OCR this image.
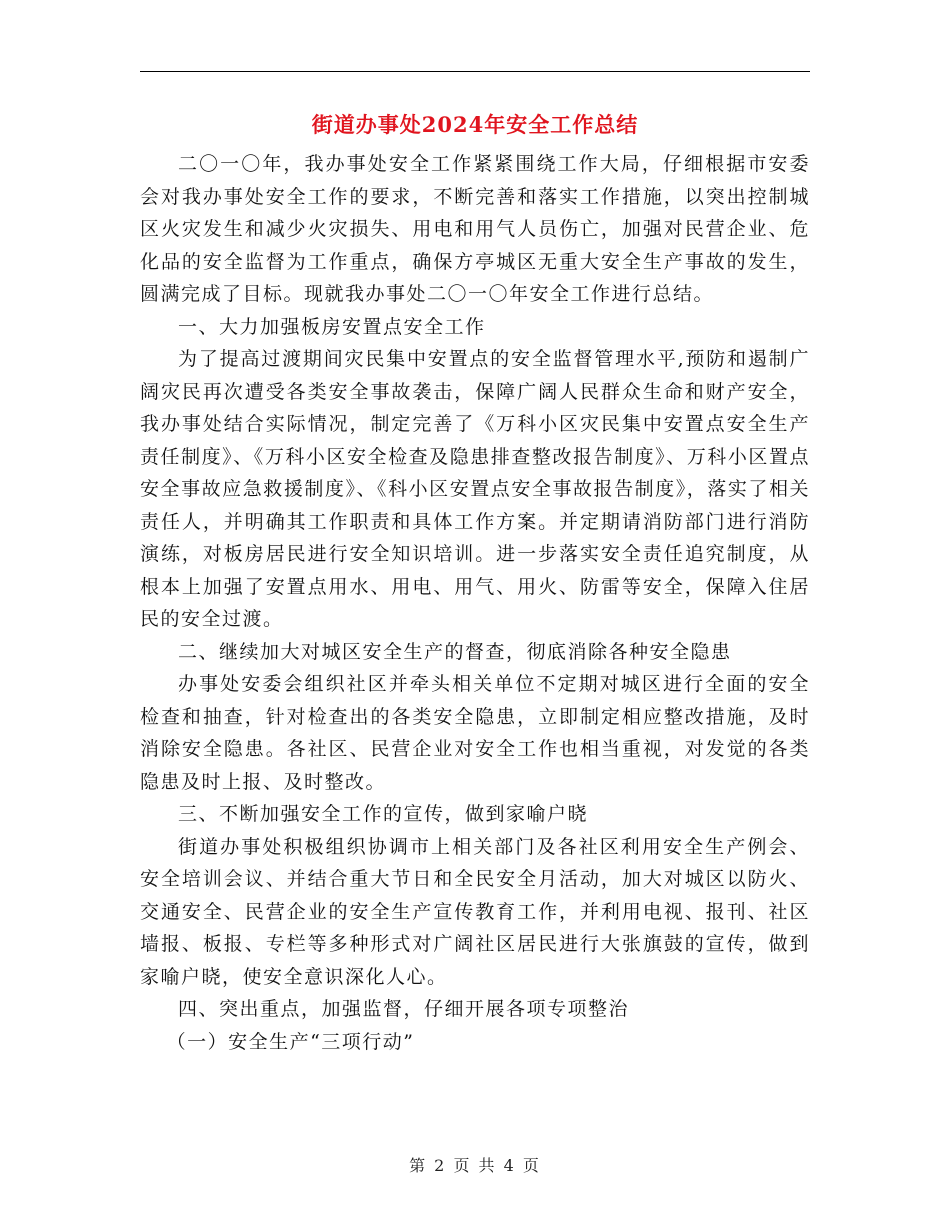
街道办事处2024年安全工作总结

二〇一〇年，我办事处安全工作紧紧围绕工作大局，仔细根据市安委会对我办事处安全工作的要求，不断完善和落实工作措施，以突出控制城区火灾发生和减少火灾损失、用电和用气人员伤亡，加强对民营企业、危化品的安全监督为工作重点，确保方亭城区无重大安全生产事故的发生，圆满完成了目标。现就我办事处二〇一〇年安全工作进行总结。

一、大力加强板房安置点安全工作

为了提高过渡期间灾民集中安置点的安全监督管理水平,预防和遏制广阔灾民再次遭受各类安全事故袭击，保障广阔人民群众生命和财产安全，我办事处结合实际情况，制定完善了《万科小区灾民集中安置点安全生产责任制度》、《万科小区安全检查及隐患排查整改报告制度》、万科小区置点安全事故应急救援制度》、《科小区安置点安全事故报告制度》，落实了相关责任人，并明确其工作职责和具体工作方案。并定期请消防部门进行消防演练，对板房居民进行安全知识培训。进一步落实安全责任追究制度，从根本上加强了安置点用水、用电、用气、用火、防雷等安全，保障入住居民的安全过渡。

二、继续加大对城区安全生产的督查，彻底消除各种安全隐患

办事处安委会组织社区并牵头相关单位不定期对城区进行全面的安全检查和抽查，针对检查出的各类安全隐患，立即制定相应整改措施，及时消除安全隐患。各社区、民营企业对安全工作也相当重视，对发觉的各类隐患及时上报、及时整改。

三、不断加强安全工作的宣传，做到家喻户晓

街道办事处积极组织协调市上相关部门及各社区利用安全生产例会、安全培训会议、并结合重大节日和全民安全月活动，加大对城区以防火、交通安全、民营企业的安全生产宣传教育工作，并利用电视、报刊、社区墙报、板报、专栏等多种形式对广阔社区居民进行大张旗鼓的宣传，做到家喻户晓，使安全意识深化人心。

四、突出重点，加强监督，仔细开展各项专项整治

（一）安全生产“三项行动”

第 2 页 共 4 页
